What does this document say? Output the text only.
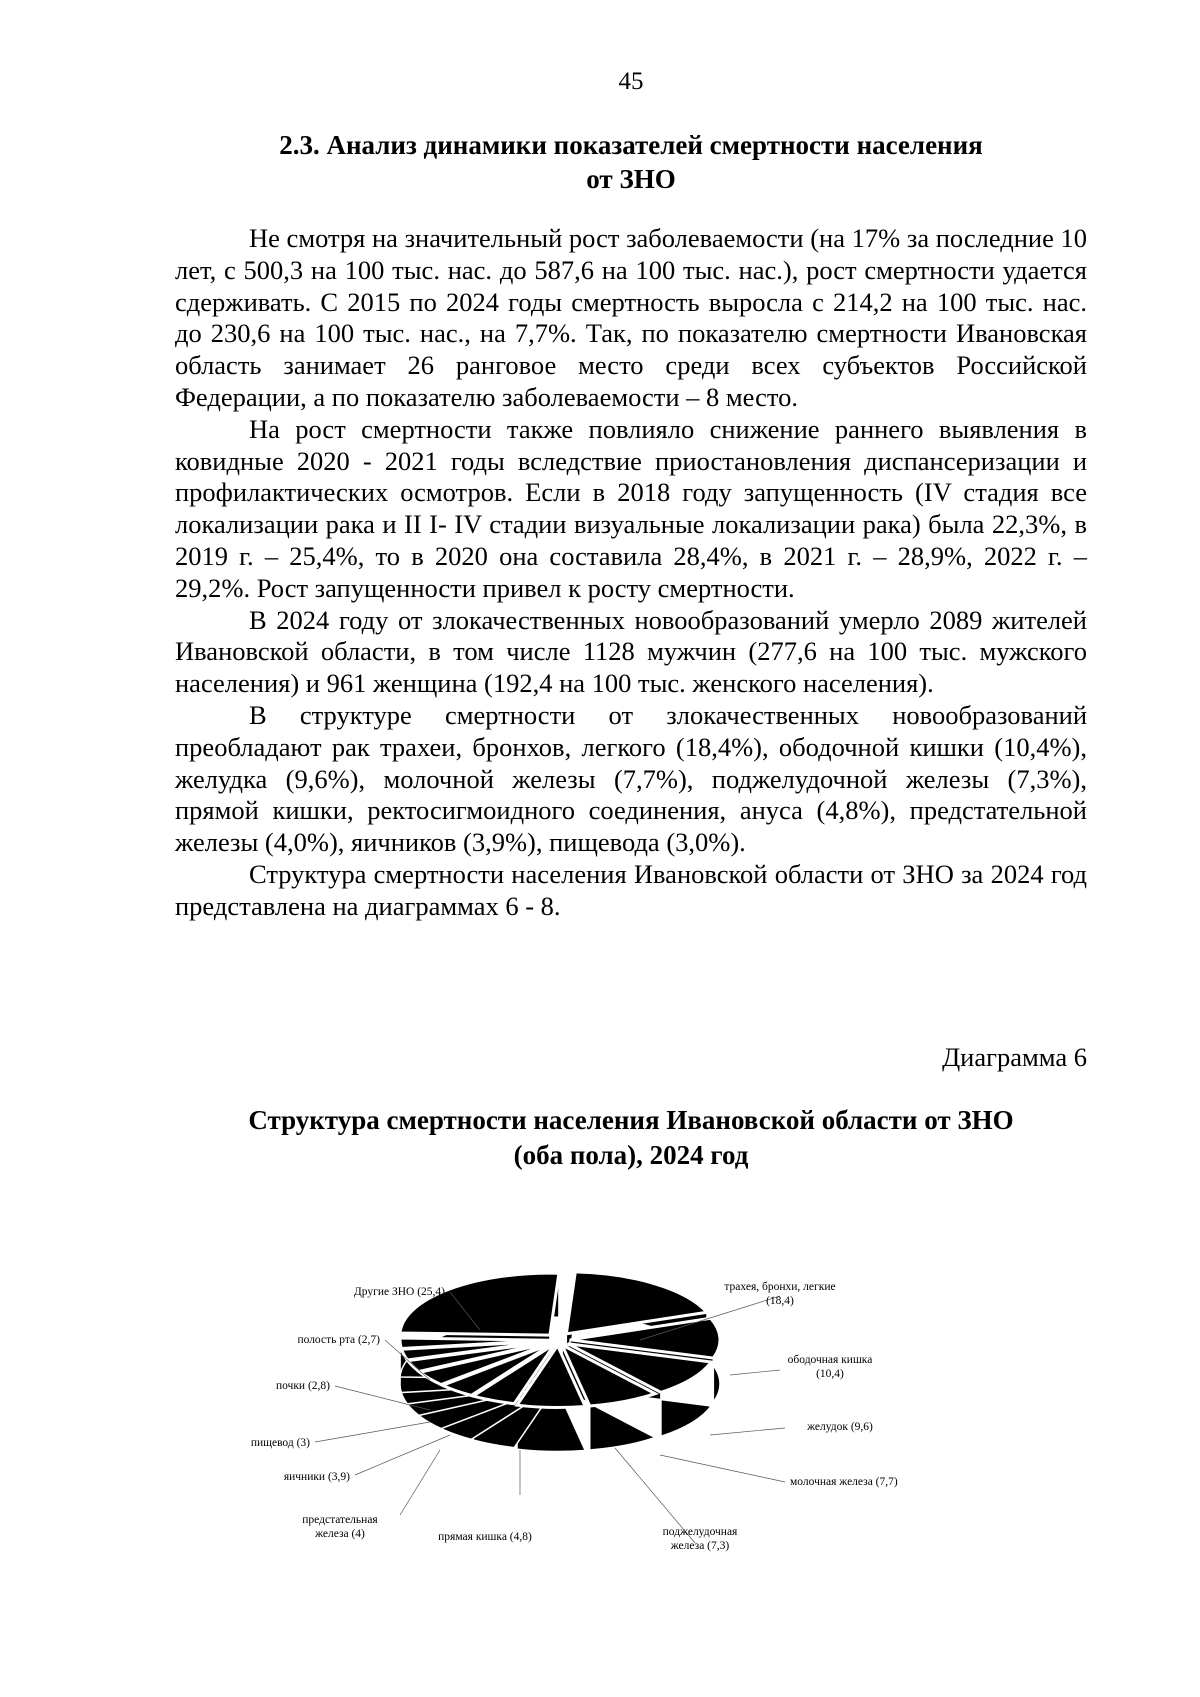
45
2.3. Анализ динамики показателей смертности населения
от ЗНО

Не смотря на значительный рост заболеваемости (на 17% за последние 10 лет, с 500,3 на 100 тыс. нас. до 587,6 на 100 тыс. нас.), рост смертности удается сдерживать. С 2015 по 2024 годы смертность выросла с 214,2 на 100 тыс. нас. до 230,6 на 100 тыс. нас., на 7,7%. Так, по показателю смертности Ивановская область занимает 26 ранговое место среди всех субъектов Российской Федерации, а по показателю заболеваемости – 8 место.

На рост смертности также повлияло снижение раннего выявления в ковидные 2020 - 2021 годы вследствие приостановления диспансеризации и профилактических осмотров. Если в 2018 году запущенность (IV стадия все локализации рака и II I- IV стадии визуальные локализации рака) была 22,3%, в 2019 г. – 25,4%, то в 2020 она составила 28,4%, в 2021 г. – 28,9%, 2022 г. – 29,2%. Рост запущенности привел к росту смертности.

В 2024 году от злокачественных новообразований умерло 2089 жителей Ивановской области, в том числе 1128 мужчин (277,6 на 100 тыс. мужского населения) и 961 женщина (192,4 на 100 тыс. женского населения).

В структуре смертности от злокачественных новообразований преобладают рак трахеи, бронхов, легкого (18,4%), ободочной кишки (10,4%), желудка (9,6%), молочной железы (7,7%), поджелудочной железы (7,3%), прямой кишки, ректосигмоидного соединения, ануса (4,8%), предстательной железы (4,0%), яичников (3,9%), пищевода (3,0%).

Структура смертности населения Ивановской области от ЗНО за 2024 год представлена на диаграммах 6 - 8.

Диаграмма 6
Структура смертности населения Ивановской области от ЗНО
(оба пола), 2024 год
трахея, бронхи, легкие (18,4)
ободочная кишка (10,4)
желудок (9,6)
молочная железа (7,7)
поджелудочная железа (7,3)
прямая кишка (4,8)
предстательная железа (4)
яичники (3,9)
пищевод (3)
почки (2,8)
полость рта (2,7)
Другие ЗНО (25,4)
